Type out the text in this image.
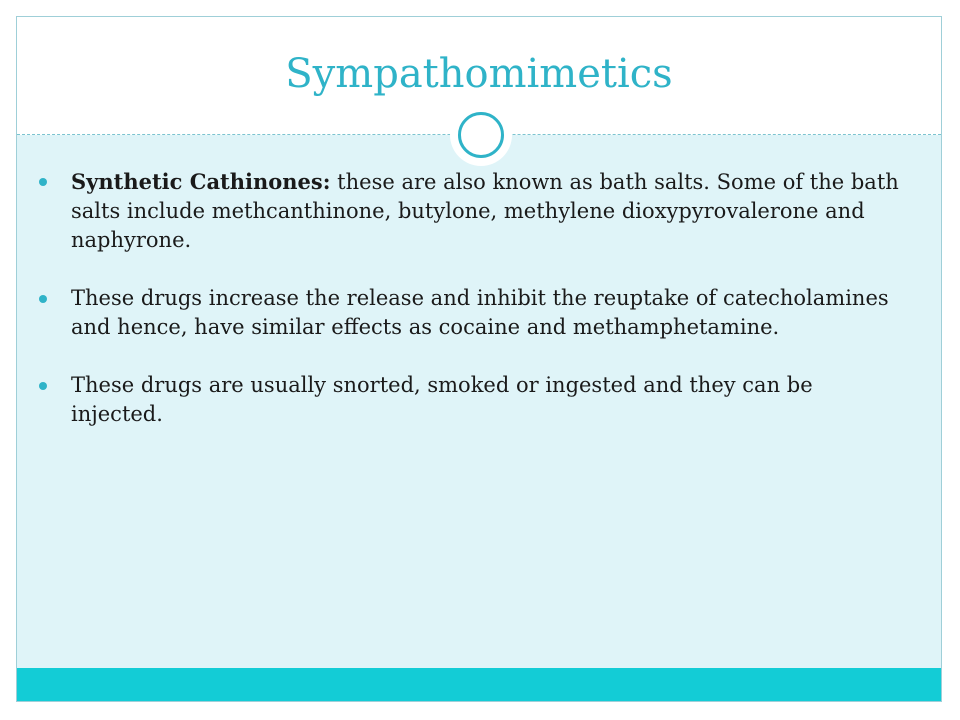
Sympathomimetics

Synthetic Cathinones: these are also known as bath salts. Some of the bath salts include methcanthinone, butylone, methylene dioxypyrovalerone and naphyrone.

These drugs increase the release and inhibit the reuptake of catecholamines and hence, have similar effects as cocaine and methamphetamine.

These drugs are usually snorted, smoked or ingested and they can be injected.
